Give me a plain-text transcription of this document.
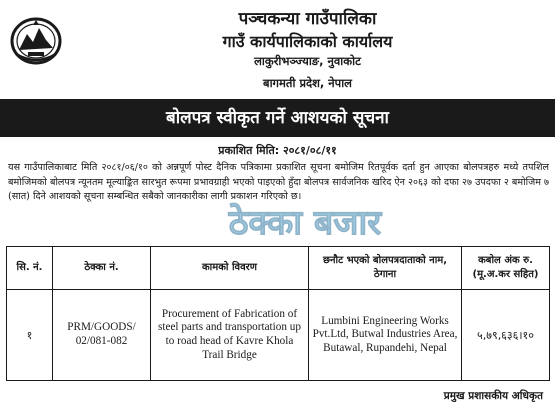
पञ्चकन्या गाउँपालिका
गाउँ कार्यपालिकाको कार्यालय
लाकुरीभञ्ज्याङ, नुवाकोट
बागमती प्रदेश, नेपाल
बोलपत्र स्वीकृत गर्ने आशयको सूचना
प्रकाशित मिति: २०८१/०८/११
यस गाउँपालिकाबाट मिति २०८१/०६/१० को अन्नपूर्ण पोस्ट दैनिक पत्रिकामा प्रकाशित सूचना बमोजिम रितपूर्वक दर्ता हुन आएका बोलपत्रहरु मध्ये तपशिल बमोजिमको बोलपत्र न्यूनतम मूल्याङ्कित सारभुत रूपमा प्रभावग्राही भएको पाइएको हुँदा बोलपत्र सार्वजनिक खरिद ऐन २०६३ को दफा २७ उपदफा २ बमोजिम ७ (सात) दिने आशयको सूचना सम्बन्धित सबैको जानकारीका लागी प्रकाशन गरिएको छ।
ठेक्का बजार
सि. नं.	ठेक्का नं.	कामको विवरण	छनौट भएको बोलपत्रदाताको नाम, ठेगाना	कबोल अंक रु. (मू.अ.कर सहित)
१	PRM/GOODS/ 02/081-082	Procurement of Fabrication of steel parts and transportation up to road head of Kavre Khola Trail Bridge	Lumbini Engineering Works Pvt.Ltd, Butwal Industries Area, Butawal, Rupandehi, Nepal	५,७९,६३६।१०
प्रमुख प्रशासकीय अधिकृत
